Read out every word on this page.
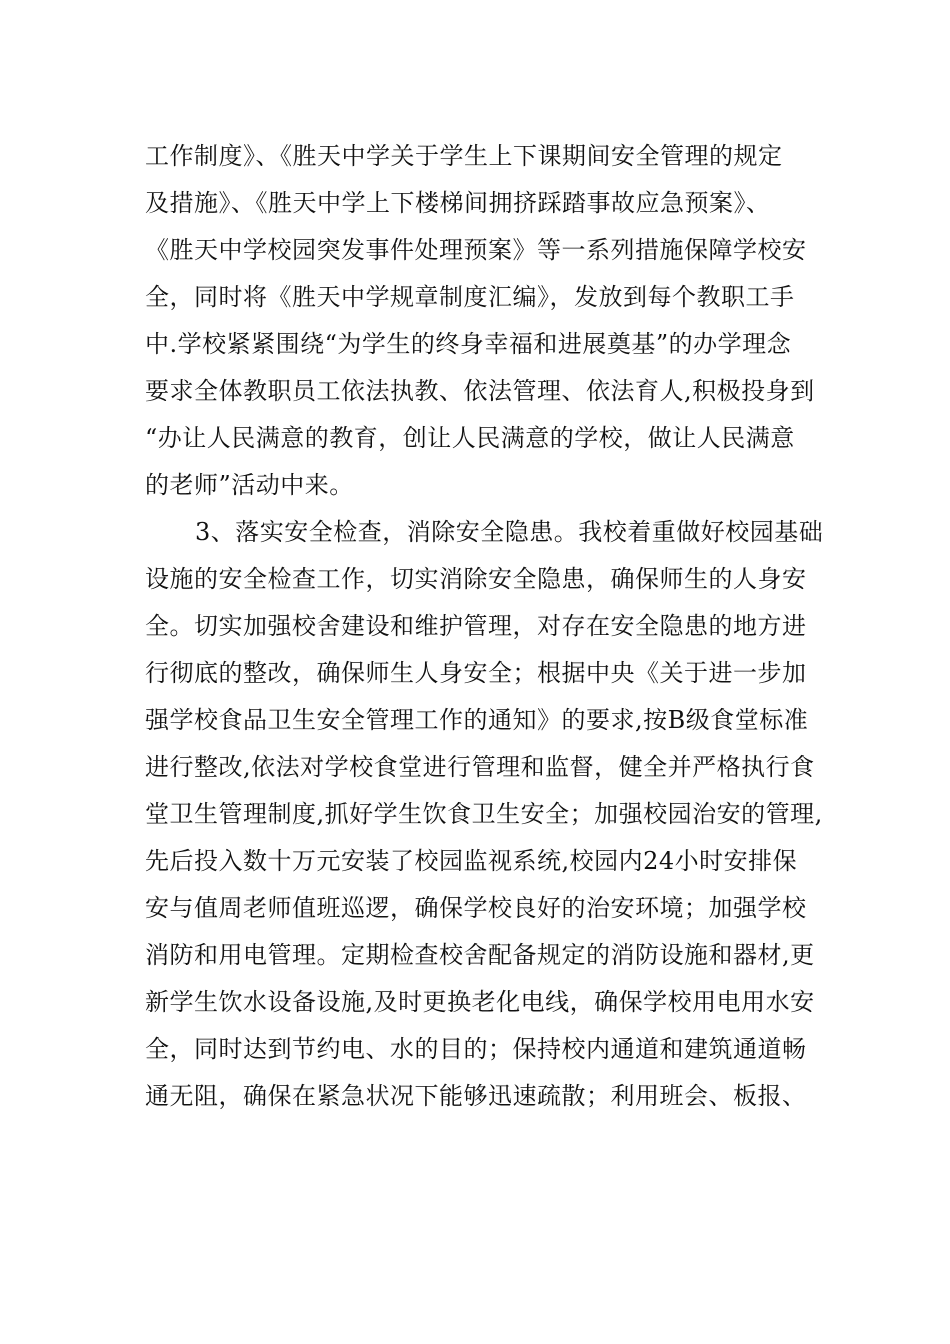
工作制度》、《胜天中学关于学生上下课期间安全管理的规定
及措施》、《胜天中学上下楼梯间拥挤踩踏事故应急预案》、
《胜天中学校园突发事件处理预案》等一系列措施保障学校安
全，同时将《胜天中学规章制度汇编》，发放到每个教职工手
中.学校紧紧围绕“为学生的终身幸福和进展奠基”的办学理念
要求全体教职员工依法执教、依法管理、依法育人,积极投身到
“办让人民满意的教育，创让人民满意的学校，做让人民满意
的老师”活动中来。
3、落实安全检查，消除安全隐患。我校着重做好校园基础
设施的安全检查工作，切实消除安全隐患，确保师生的人身安
全。切实加强校舍建设和维护管理，对存在安全隐患的地方进
行彻底的整改，确保师生人身安全；根据中央《关于进一步加
强学校食品卫生安全管理工作的通知》的要求,按B级食堂标准
进行整改,依法对学校食堂进行管理和监督，健全并严格执行食
堂卫生管理制度,抓好学生饮食卫生安全；加强校园治安的管理,
先后投入数十万元安装了校园监视系统,校园内24小时安排保
安与值周老师值班巡逻，确保学校良好的治安环境；加强学校
消防和用电管理。定期检查校舍配备规定的消防设施和器材,更
新学生饮水设备设施,及时更换老化电线，确保学校用电用水安
全，同时达到节约电、水的目的；保持校内通道和建筑通道畅
通无阻，确保在紧急状况下能够迅速疏散；利用班会、板报、
